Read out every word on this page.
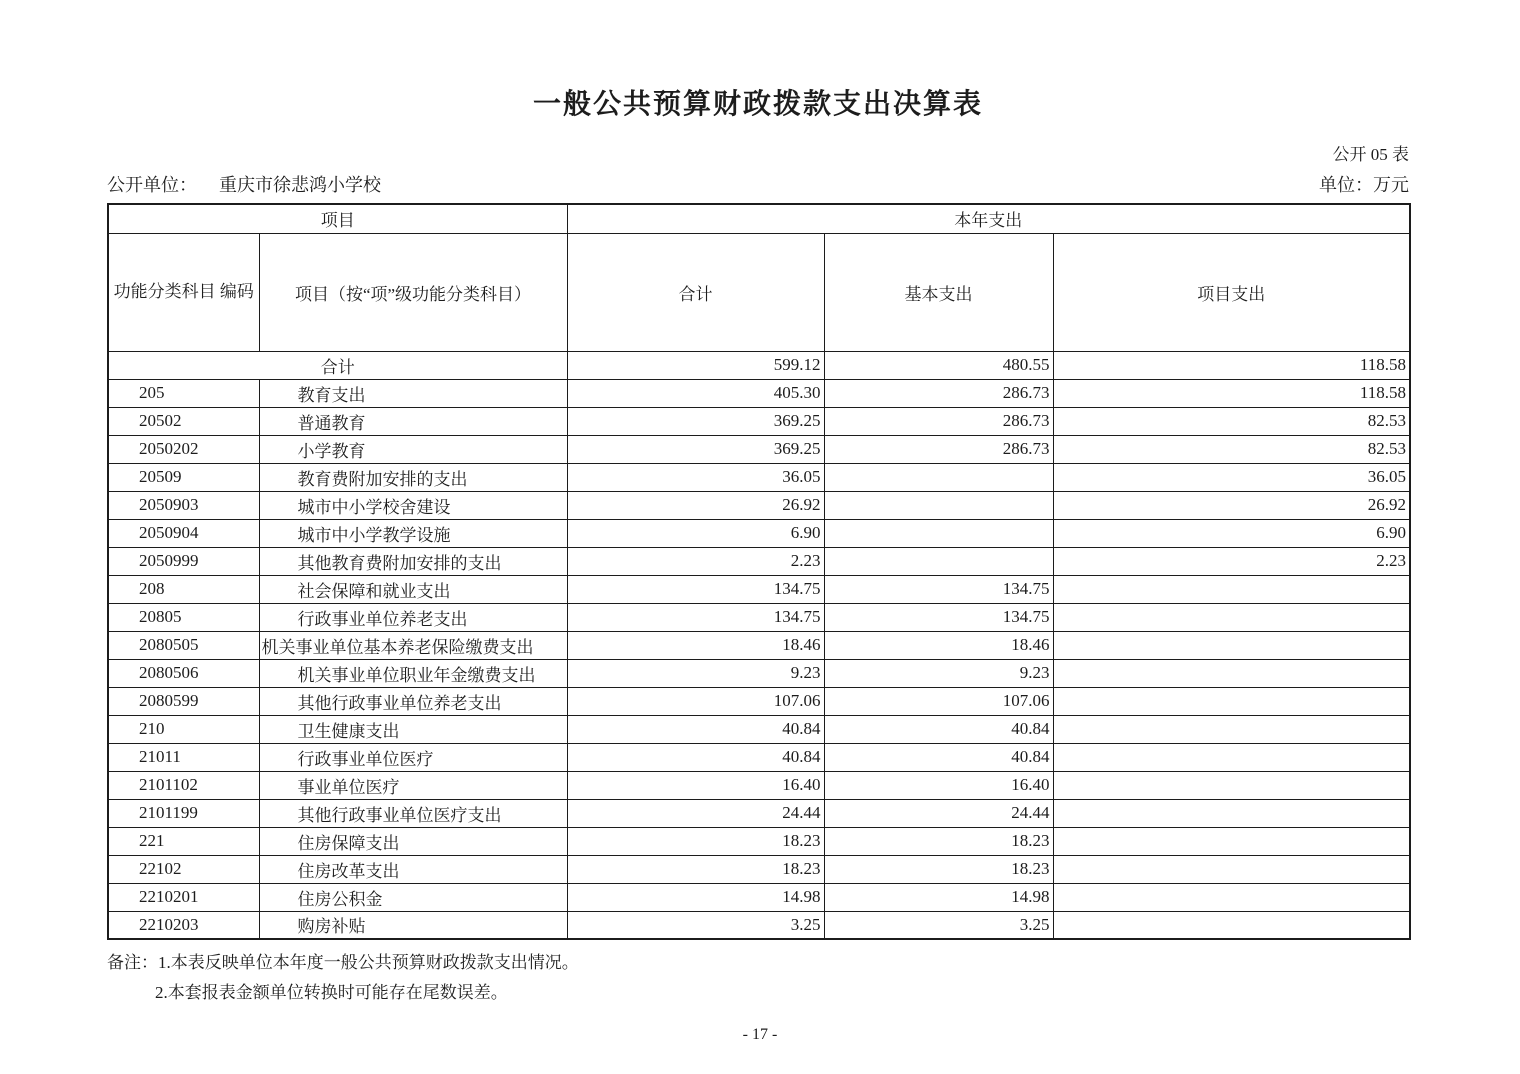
一般公共预算财政拨款支出决算表
公开 05 表
公开单位： 重庆市徐悲鸿小学校	单位：万元
项目		本年支出		
功能分类科目 编码	项目（按“项”级功能分类科目）	合计	基本支出	项目支出
合计		599.12	480.55	118.58
205	教育支出	405.30	286.73	118.58
20502	普通教育	369.25	286.73	82.53
2050202	小学教育	369.25	286.73	82.53
20509	教育费附加安排的支出	36.05		36.05
2050903	城市中小学校舍建设	26.92		26.92
2050904	城市中小学教学设施	6.90		6.90
2050999	其他教育费附加安排的支出	2.23		2.23
208	社会保障和就业支出	134.75	134.75	
20805	行政事业单位养老支出	134.75	134.75	
2080505	机关事业单位基本养老保险缴费支出	18.46	18.46	
2080506	机关事业单位职业年金缴费支出	9.23	9.23	
2080599	其他行政事业单位养老支出	107.06	107.06	
210	卫生健康支出	40.84	40.84	
21011	行政事业单位医疗	40.84	40.84	
2101102	事业单位医疗	16.40	16.40	
2101199	其他行政事业单位医疗支出	24.44	24.44	
221	住房保障支出	18.23	18.23	
22102	住房改革支出	18.23	18.23	
2210201	住房公积金	14.98	14.98	
2210203	购房补贴	3.25	3.25	
备注：1.本表反映单位本年度一般公共预算财政拨款支出情况。
2.本套报表金额单位转换时可能存在尾数误差。
- 17 -
